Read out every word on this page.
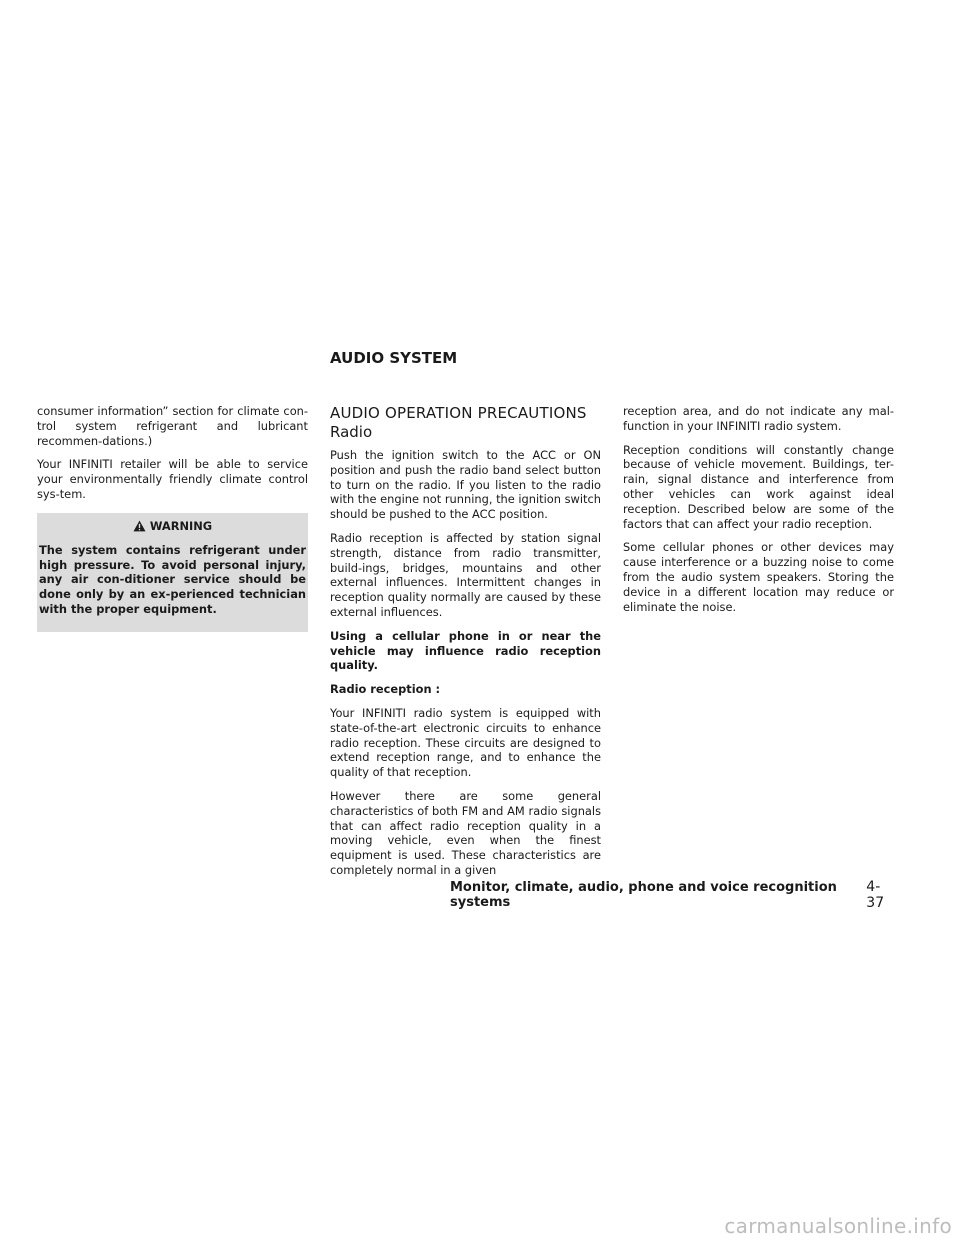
AUDIO SYSTEM

consumer information” section for climate con-trol system refrigerant and lubricant recommen-dations.)

Your INFINITI retailer will be able to service your environmentally friendly climate control sys-tem.

WARNING

The system contains refrigerant under high pressure. To avoid personal injury, any air con-ditioner service should be done only by an ex-perienced technician with the proper equipment.

AUDIO OPERATION PRECAUTIONS
Radio

Push the ignition switch to the ACC or ON position and push the radio band select button to turn on the radio. If you listen to the radio with the engine not running, the ignition switch should be pushed to the ACC position.

Radio reception is affected by station signal strength, distance from radio transmitter, build-ings, bridges, mountains and other external influences. Intermittent changes in reception quality normally are caused by these external influences.

Using a cellular phone in or near the vehicle may influence radio reception quality.

Radio reception :

Your INFINITI radio system is equipped with state-of-the-art electronic circuits to enhance radio reception. These circuits are designed to extend reception range, and to enhance the quality of that reception.

However there are some general characteristics of both FM and AM radio signals that can affect radio reception quality in a moving vehicle, even when the finest equipment is used. These characteristics are completely normal in a given

reception area, and do not indicate any mal-function in your INFINITI radio system.

Reception conditions will constantly change because of vehicle movement. Buildings, ter-rain, signal distance and interference from other vehicles can work against ideal reception. Described below are some of the factors that can affect your radio reception.

Some cellular phones or other devices may cause interference or a buzzing noise to come from the audio system speakers. Storing the device in a different location may reduce or eliminate the noise.

Monitor, climate, audio, phone and voice recognition systems
4-37
carmanualsonline.info
